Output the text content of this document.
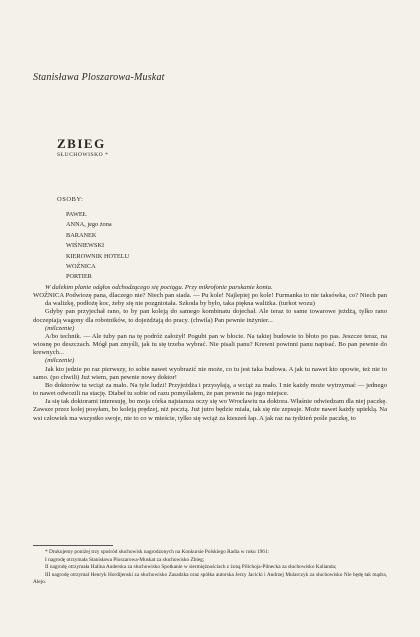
Stanisława Ploszarowa-Muskat
ZBIEG
SŁUCHOWISKO *
OSOBY:
PAWEŁ
ANNA, jego żona
BARANEK
WIŚNIEWSKI
KIEROWNIK HOTELU
WOŹNICA
PORTIER

W dalekim planie odgłos odchodzącego się pociągu. Przy mikrofonie parskanie konia.

WOŹNICA Podwiozę pana, dlaczego nie? Niech pan siada. — Pu kole! Najlepiej po kole! Furmanka to nie taksówka, co? Niech pan da walizkę, podłożę koc, żeby się nie pozgniotała. Szkoda by było, taka piękna waliżka. (turkot wozu)

Gdyby pan przyjechał rano, to by pan koleją do samego kombinatu dojechał. Ale teraz to same towarowe jeżdżą, tylko rano doczepiają wagony dla robotników, to dojeżdżają do pracy. (chwila) Pan pewnie inżynier...

(milczenie)

A/bo technik. — Ale tuby pan na tę podróż założył! Pogubi pan w błocie. Na takiej budowie to błoto po pas. Jeszcze teraz, na wiosnę po deszczach. Mógł pan zmyśli, jak tu się trzeba wybrać. Nie pisali panu? Krewni powinni panu napisać. Bo pan pewnie do krewnych...

(milczenie)

Jak kto jedzie po raz pierwszy, to sobie nawet wyobrazić nie może, co tu jest taka budowa. A jak tu nawet kto opowie, też nie to samo. (po chwili) Już wiem, pan pewnie nowy doktor!

Bo doktorów tu wciąż za mało. Na tyle ludzi! Przyjeżdża i przysyłają, a wciąż za mało. I nie każdy może wytrzymać — jednego to nawet odwozili na stację. Diabeł tu sobie od razu pomyślałem, że pan pewnie na jego miejsce.

Ja się tak doktorami interesuję, bo moja córka najstarsza oczy się wo Wrocławiu na doktora. Właśnie odwiedzam dla niej paczkę. Zawsze przez kolej posyłam, bo koleją prędzej, niż pocztą. Już jutro będzie miała, tak się nie zepsuje. Może nawet każdy upieklą. Na wsi człowiek ma wszystko swoje, nie to co w mieście, tylko się wciąż za kieszeń łap. A jak raz na tydzień pośle paczkę, to

* Drukujemy poniżej trzy spośród słuchowisk nagrodzonych na Konkursie Polskiego Radia w roku 1961:

I nagrodę otrzymała Stanisława Ploszarowa-Muskat za słuchowisko Zbieg;

II nagrodę otrzymała Halina Auderska za słuchowisko Spotkanie w siermiężnościach z żoną Pilichoja-Pilnecka za słuchowisko Kalianda;

III nagrodę otrzymał Henryk Hordijenski za słuchowisko Zasadzka oraz spółka autorska Jerzy Jacicki i Andrzej Mularczyk za słuchowisko Nie będę tak mądra, Alejo.
